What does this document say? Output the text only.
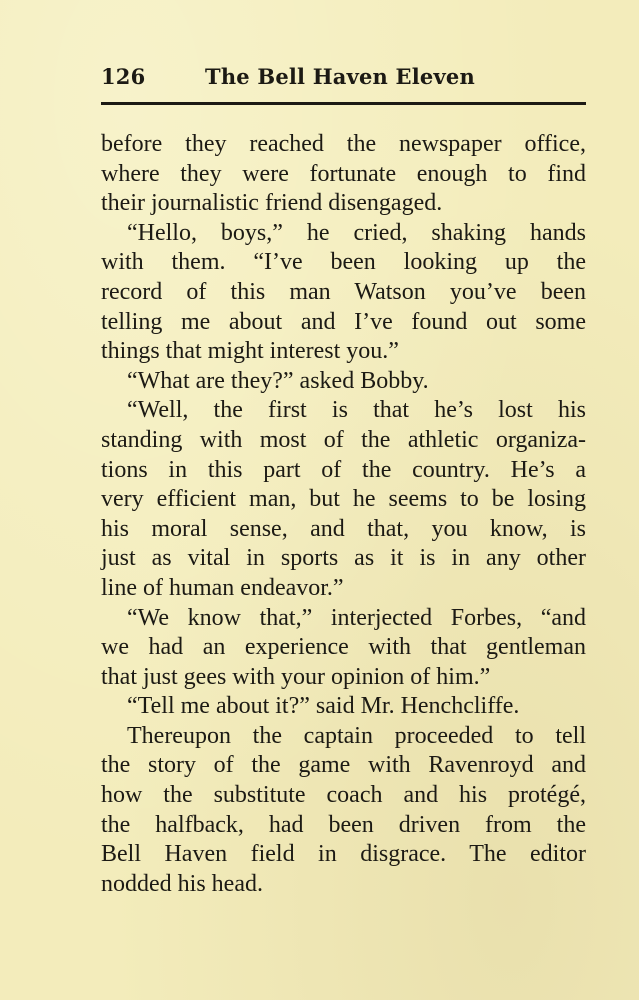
126	The Bell Haven Eleven
before they reached the newspaper office,
where they were fortunate enough to find
their journalistic friend disengaged.
“Hello, boys,” he cried, shaking hands
with them. “I’ve been looking up the
record of this man Watson you’ve been
telling me about and I’ve found out some
things that might interest you.”
“What are they?” asked Bobby.
“Well, the first is that he’s lost his
standing with most of the athletic organiza-
tions in this part of the country. He’s a
very efficient man, but he seems to be losing
his moral sense, and that, you know, is
just as vital in sports as it is in any other
line of human endeavor.”
“We know that,” interjected Forbes, “and
we had an experience with that gentleman
that just gees with your opinion of him.”
“Tell me about it?” said Mr. Henchcliffe.
Thereupon the captain proceeded to tell
the story of the game with Ravenroyd and
how the substitute coach and his protégé,
the halfback, had been driven from the
Bell Haven field in disgrace. The editor
nodded his head.
